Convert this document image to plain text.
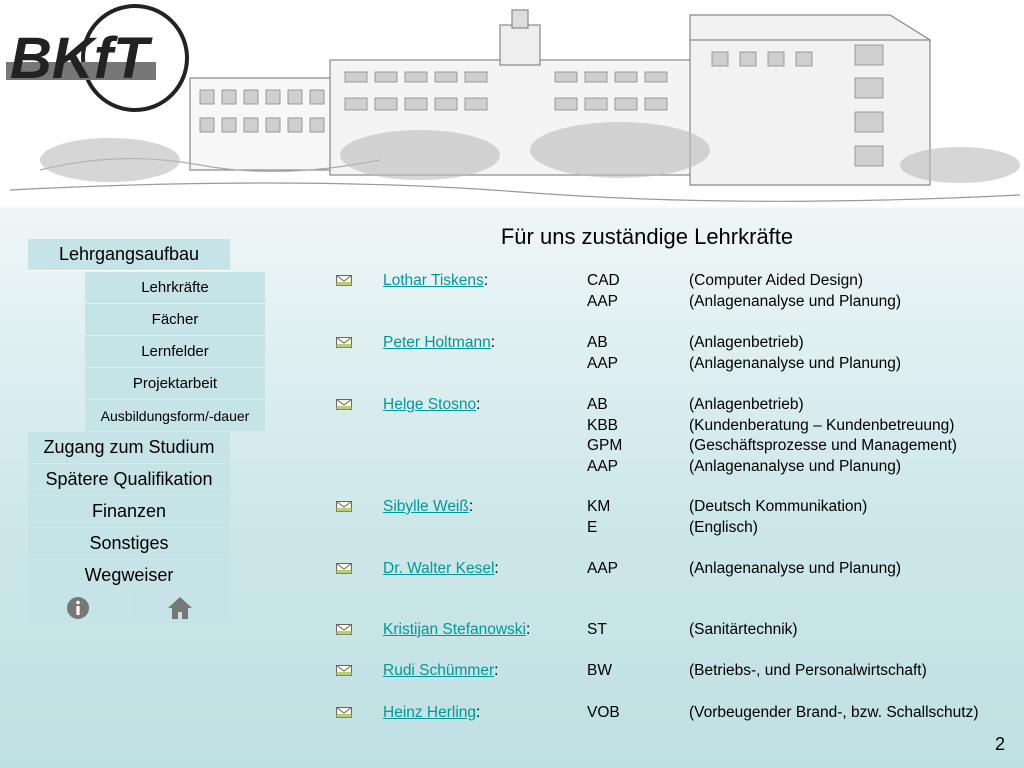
BKfT
Lehrgangsaufbau
Lehrkräfte
Fächer
Lernfelder
Projektarbeit
Ausbildungsform/-dauer
Zugang zum Studium
Spätere Qualifikation
Finanzen
Sonstiges
Wegweiser
Für uns zuständige Lehrkräfte
Lothar Tiskens:	CAD	(Computer Aided Design)
AAP	(Anlagenanalyse und Planung)
Peter Holtmann:	AB	(Anlagenbetrieb)
AAP	(Anlagenanalyse und Planung)
Helge Stosno:	AB	(Anlagenbetrieb)
KBB	(Kundenberatung – Kundenbetreuung)
GPM	(Geschäftsprozesse und Management)
AAP	(Anlagenanalyse und Planung)
Sibylle Weiß:	KM	(Deutsch Kommunikation)
E	(Englisch)
Dr. Walter Kesel:	AAP	(Anlagenanalyse und Planung)
Kristijan Stefanowski:	ST	(Sanitärtechnik)
Rudi Schümmer:	BW	(Betriebs-, und Personalwirtschaft)
Heinz Herling:	VOB	(Vorbeugender Brand-, bzw. Schallschutz)
2
